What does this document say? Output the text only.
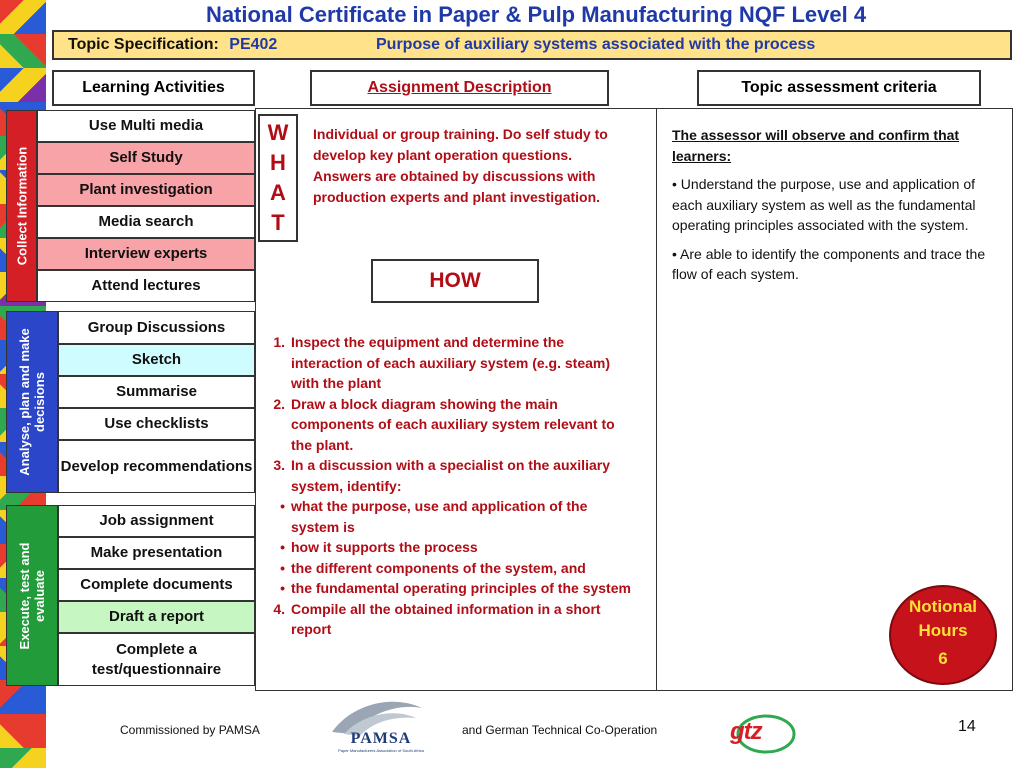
National Certificate in Paper & Pulp Manufacturing NQF Level 4
Topic Specification: PE402	Purpose of auxiliary systems associated with the process
Learning Activities	Assignment Description	Topic assessment criteria
Collect Information
Use Multi media
Self Study
Plant investigation
Media search
Interview experts
Attend lectures
Analyse, plan and make decisions
Group Discussions
Sketch
Summarise
Use checklists
Develop recommendations
Execute, test and evaluate
Job assignment
Make presentation
Complete documents
Draft a report
Complete a test/questionnaire
W
H
A
T
Individual or group training. Do self study to develop key plant operation questions. Answers are obtained by discussions with production experts and plant investigation.
HOW
1. Inspect the equipment and determine the interaction of each auxiliary system (e.g. steam) with the plant
2. Draw a block diagram showing the main components of each auxiliary system relevant to the plant.
3. In a discussion with a specialist on the auxiliary system, identify:
• what the purpose, use and application of the system is
• how it supports the process
• the different components of the system, and
• the fundamental operating principles of the system
4. Compile all the obtained information in a short report
The assessor will observe and confirm that learners:

• Understand the purpose, use and application of each auxiliary system as well as the fundamental operating principles associated with the system.

• Are able to identify the components and trace the flow of each system.

Notional
Hours
6
Commissioned by PAMSA	PAMSA
Paper Manufacturers Association of South Africa
and German Technical Co-Operation	gtz	14
